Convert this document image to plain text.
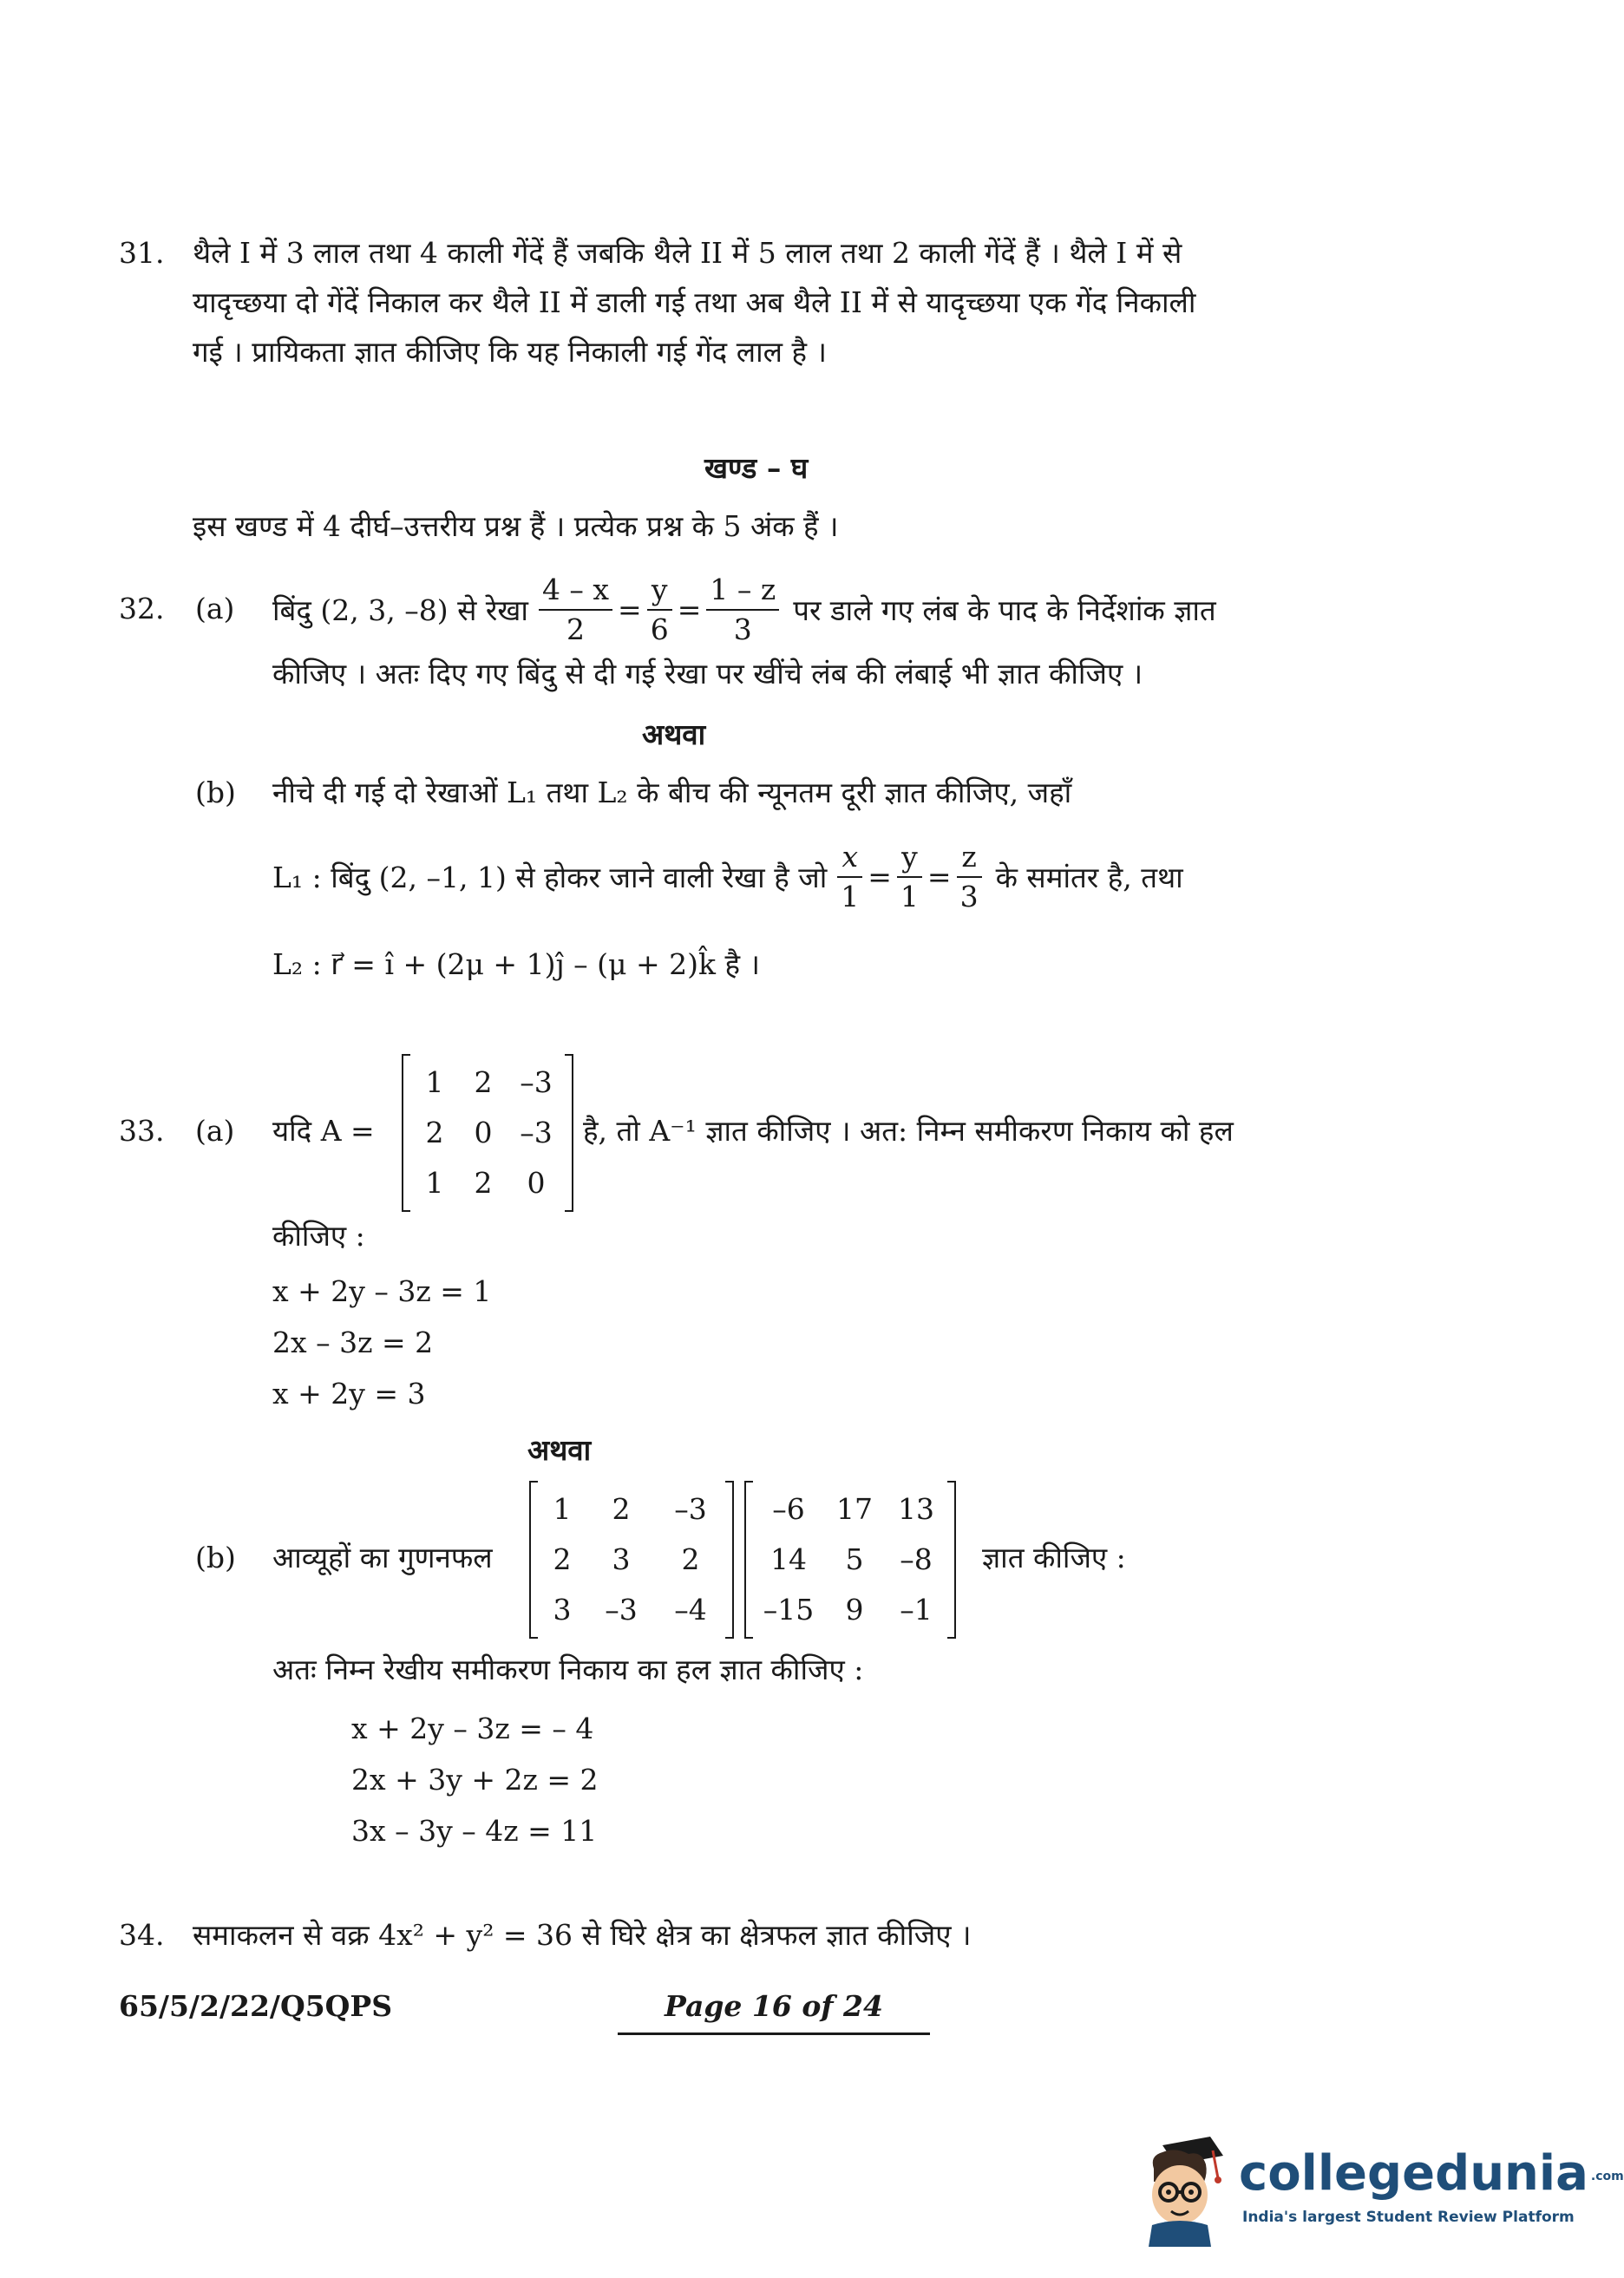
31. थैले I में 3 लाल तथा 4 काली गेंदें हैं जबकि थैले II में 5 लाल तथा 2 काली गेंदें हैं । थैले I में से
यादृच्छया दो गेंदें निकाल कर थैले II में डाली गई तथा अब थैले II में से यादृच्छया एक गेंद निकाली
गई । प्रायिकता ज्ञात कीजिए कि यह निकाली गई गेंद लाल है ।
खण्ड – घ
इस खण्ड में 4 दीर्घ–उत्तरीय प्रश्न हैं । प्रत्येक प्रश्न के 5 अंक हैं ।
32. (a) बिंदु (2, 3, –8) से रेखा $\frac{4 - x}{2} = \frac{y}{6} = \frac{1 - z}{3}$ पर डाले गए लंब के पाद के निर्देशांक ज्ञात
कीजिए । अतः दिए गए बिंदु से दी गई रेखा पर खींचे लंब की लंबाई भी ज्ञात कीजिए ।
अथवा
(b) नीचे दी गई दो रेखाओं L₁ तथा L₂ के बीच की न्यूनतम दूरी ज्ञात कीजिए, जहाँ
L₁ : बिंदु (2, –1, 1) से होकर जाने वाली रेखा है जो $\frac{x}{1} = \frac{y}{1} = \frac{z}{3}$ के समांतर है, तथा
L₂ : r⃗ = î + (2μ + 1)ĵ – (μ + 2)k̂ है ।
33. (a) यदि A =
1	2 –3
2	0 –3
1	2	0
है, तो A⁻¹ ज्ञात कीजिए । अत: निम्न समीकरण निकाय को हल
कीजिए :
x + 2y – 3z = 1
2x – 3z = 2
x + 2y = 3
अथवा
(b) आव्यूहों का गुणनफल
1	2	–3
2	3	2
3	–3	–4
–6	17 13
14	5	–8
–15	9	–1
ज्ञात कीजिए :
अतः निम्न रेखीय समीकरण निकाय का हल ज्ञात कीजिए :
x + 2y – 3z = – 4
2x + 3y + 2z = 2
3x – 3y – 4z = 11
34. समाकलन से वक्र 4x² + y² = 36 से घिरे क्षेत्र का क्षेत्रफल ज्ञात कीजिए ।
65/5/2/22/Q5QPS	Page 16 of 24
collegedunia .com
India's largest Student Review Platform
